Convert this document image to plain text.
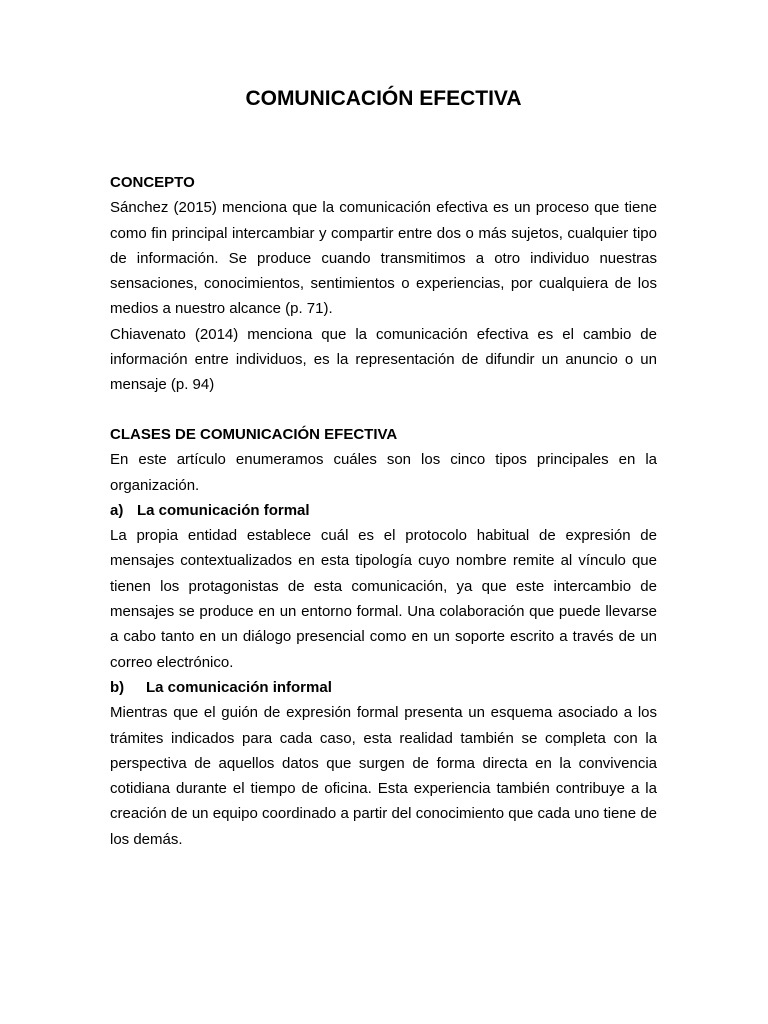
COMUNICACIÓN EFECTIVA

CONCEPTO

Sánchez (2015) menciona que la comunicación efectiva es un proceso que tiene como fin principal intercambiar y compartir entre dos o más sujetos, cualquier tipo de información. Se produce cuando transmitimos a otro individuo nuestras sensaciones, conocimientos, sentimientos o experiencias, por cualquiera de los medios a nuestro alcance (p. 71).

Chiavenato (2014) menciona que la comunicación efectiva es el cambio de información entre individuos, es la representación de difundir un anuncio o un mensaje (p. 94)

CLASES DE COMUNICACIÓN EFECTIVA

En este artículo enumeramos cuáles son los cinco tipos principales en la organización.

a) La comunicación formal

La propia entidad establece cuál es el protocolo habitual de expresión de mensajes contextualizados en esta tipología cuyo nombre remite al vínculo que tienen los protagonistas de esta comunicación, ya que este intercambio de mensajes se produce en un entorno formal. Una colaboración que puede llevarse a cabo tanto en un diálogo presencial como en un soporte escrito a través de un correo electrónico.

b) La comunicación informal

Mientras que el guión de expresión formal presenta un esquema asociado a los trámites indicados para cada caso, esta realidad también se completa con la perspectiva de aquellos datos que surgen de forma directa en la convivencia cotidiana durante el tiempo de oficina. Esta experiencia también contribuye a la creación de un equipo coordinado a partir del conocimiento que cada uno tiene de los demás.
